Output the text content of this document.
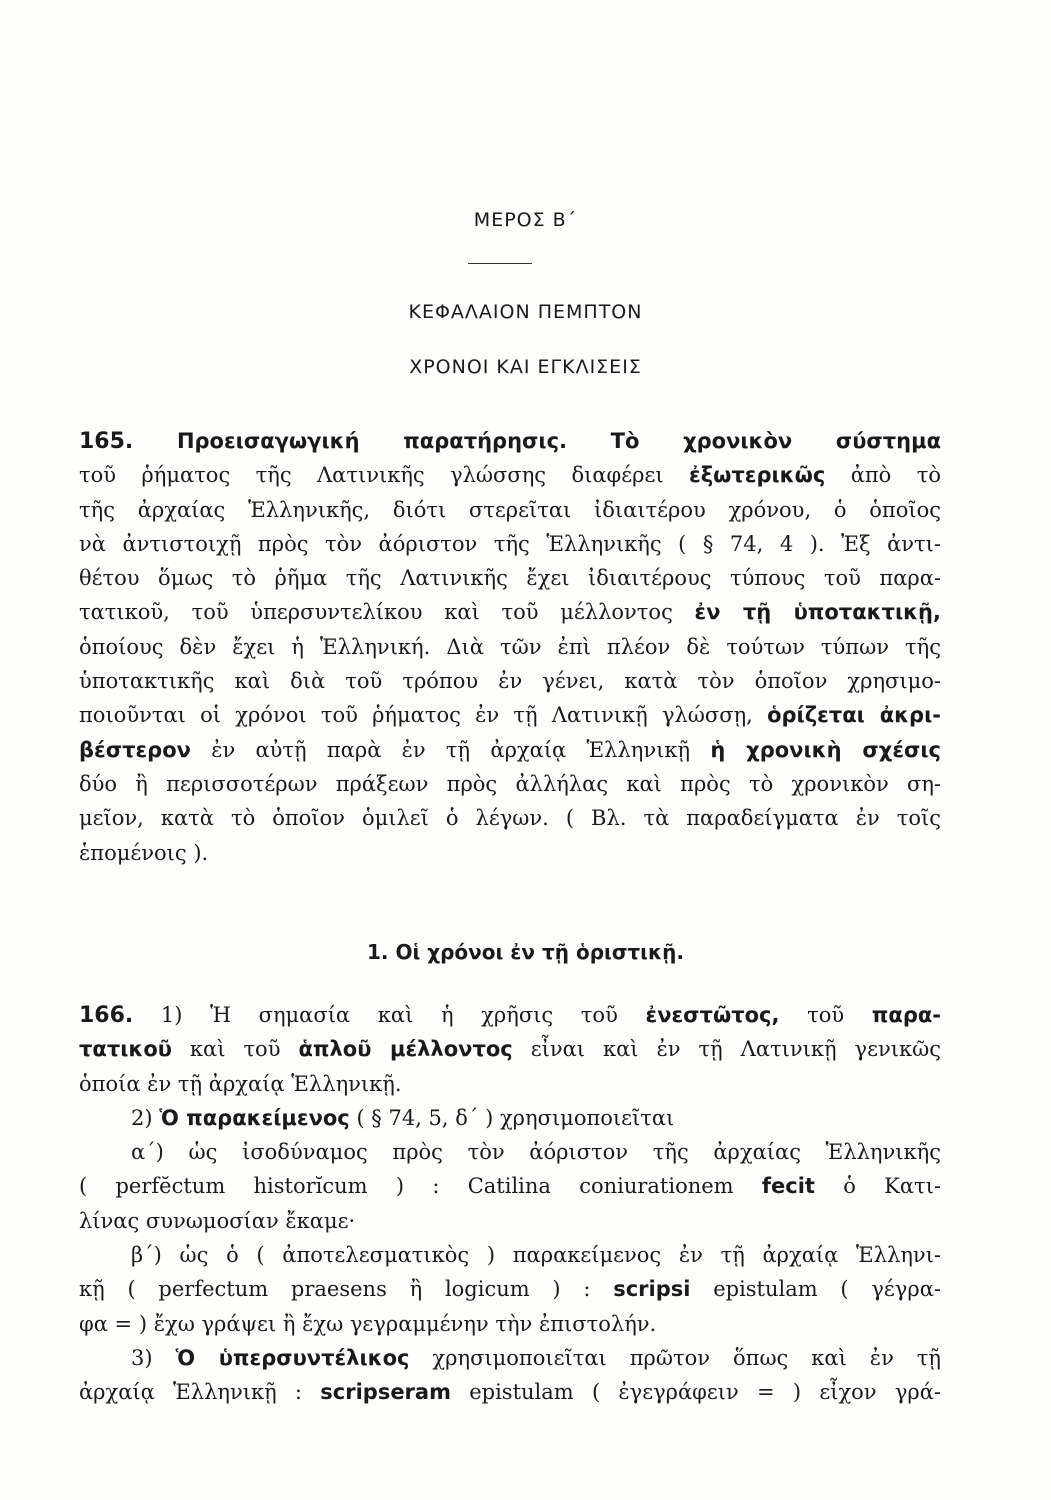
ΜΕΡΟΣ Β΄
ΚΕΦΑΛΑΙΟΝ ΠΕΜΠΤΟΝ
ΧΡΟΝΟΙ ΚΑΙ ΕΓΚΛΙΣΕΙΣ
165. Προεισαγωγική παρατήρησις. Τὸ χρονικὸν σύστημα
τοῦ ῥήματος τῆς Λατινικῆς γλώσσης διαφέρει ἐξωτερικῶς ἀπὸ τὸ
τῆς ἀρχαίας Ἑλληνικῆς, διότι στερεῖται ἰδιαιτέρου χρόνου, ὁ ὁποῖος
νὰ ἀντιστοιχῇ πρὸς τὸν ἀόριστον τῆς Ἑλληνικῆς ( § 74, 4 ). Ἐξ ἀντι-
θέτου ὅμως τὸ ῥῆμα τῆς Λατινικῆς ἔχει ἰδιαιτέρους τύπους τοῦ παρα-
τατικοῦ, τοῦ ὑπερσυντελίκου καὶ τοῦ μέλλοντος ἐν τῇ ὑποτακτικῇ,
ὁποίους δὲν ἔχει ἡ Ἑλληνική. Διὰ τῶν ἐπὶ πλέον δὲ τούτων τύπων τῆς
ὑποτακτικῆς καὶ διὰ τοῦ τρόπου ἐν γένει, κατὰ τὸν ὁποῖον χρησιμο-
ποιοῦνται οἱ χρόνοι τοῦ ῥήματος ἐν τῇ Λατινικῇ γλώσσῃ, ὁρίζεται ἀκρι-
βέστερον ἐν αὐτῇ παρὰ ἐν τῇ ἀρχαίᾳ Ἑλληνικῇ ἡ χρονικὴ σχέσις
δύο ἢ περισσοτέρων πράξεων πρὸς ἀλλήλας καὶ πρὸς τὸ χρονικὸν ση-
μεῖον, κατὰ τὸ ὁποῖον ὁμιλεῖ ὁ λέγων. ( Βλ. τὰ παραδείγματα ἐν τοῖς
ἑπομένοις ).
1. Οἱ χρόνοι ἐν τῇ ὁριστικῇ.
166. 1) Ἡ σημασία καὶ ἡ χρῆσις τοῦ ἐνεστῶτος, τοῦ παρα-
τατικοῦ καὶ τοῦ ἁπλοῦ μέλλοντος εἶναι καὶ ἐν τῇ Λατινικῇ γενικῶς
ὁποία ἐν τῇ ἀρχαίᾳ Ἑλληνικῇ.
2) Ὁ παρακείμενος ( § 74, 5, δ΄ ) χρησιμοποιεῖται
α΄) ὡς ἰσοδύναμος πρὸς τὸν ἀόριστον τῆς ἀρχαίας Ἑλληνικῆς
( perfĕctum historĭcum ) : Catilina coniurationem fecit ὁ Κατι-
λίνας συνωμοσίαν ἔκαμε·
β΄) ὡς ὁ ( ἀποτελεσματικὸς ) παρακείμενος ἐν τῇ ἀρχαίᾳ Ἑλληνι-
κῇ ( perfectum praesens ἢ logicum ) : scripsi epistulam ( γέγρα-
φα = ) ἔχω γράψει ἢ ἔχω γεγραμμένην τὴν ἐπιστολήν.
3) Ὁ ὑπερσυντέλικος χρησιμοποιεῖται πρῶτον ὅπως καὶ ἐν τῇ
ἀρχαίᾳ Ἑλληνικῇ : scripseram epistulam ( ἐγεγράφειν = ) εἶχον γρά-
